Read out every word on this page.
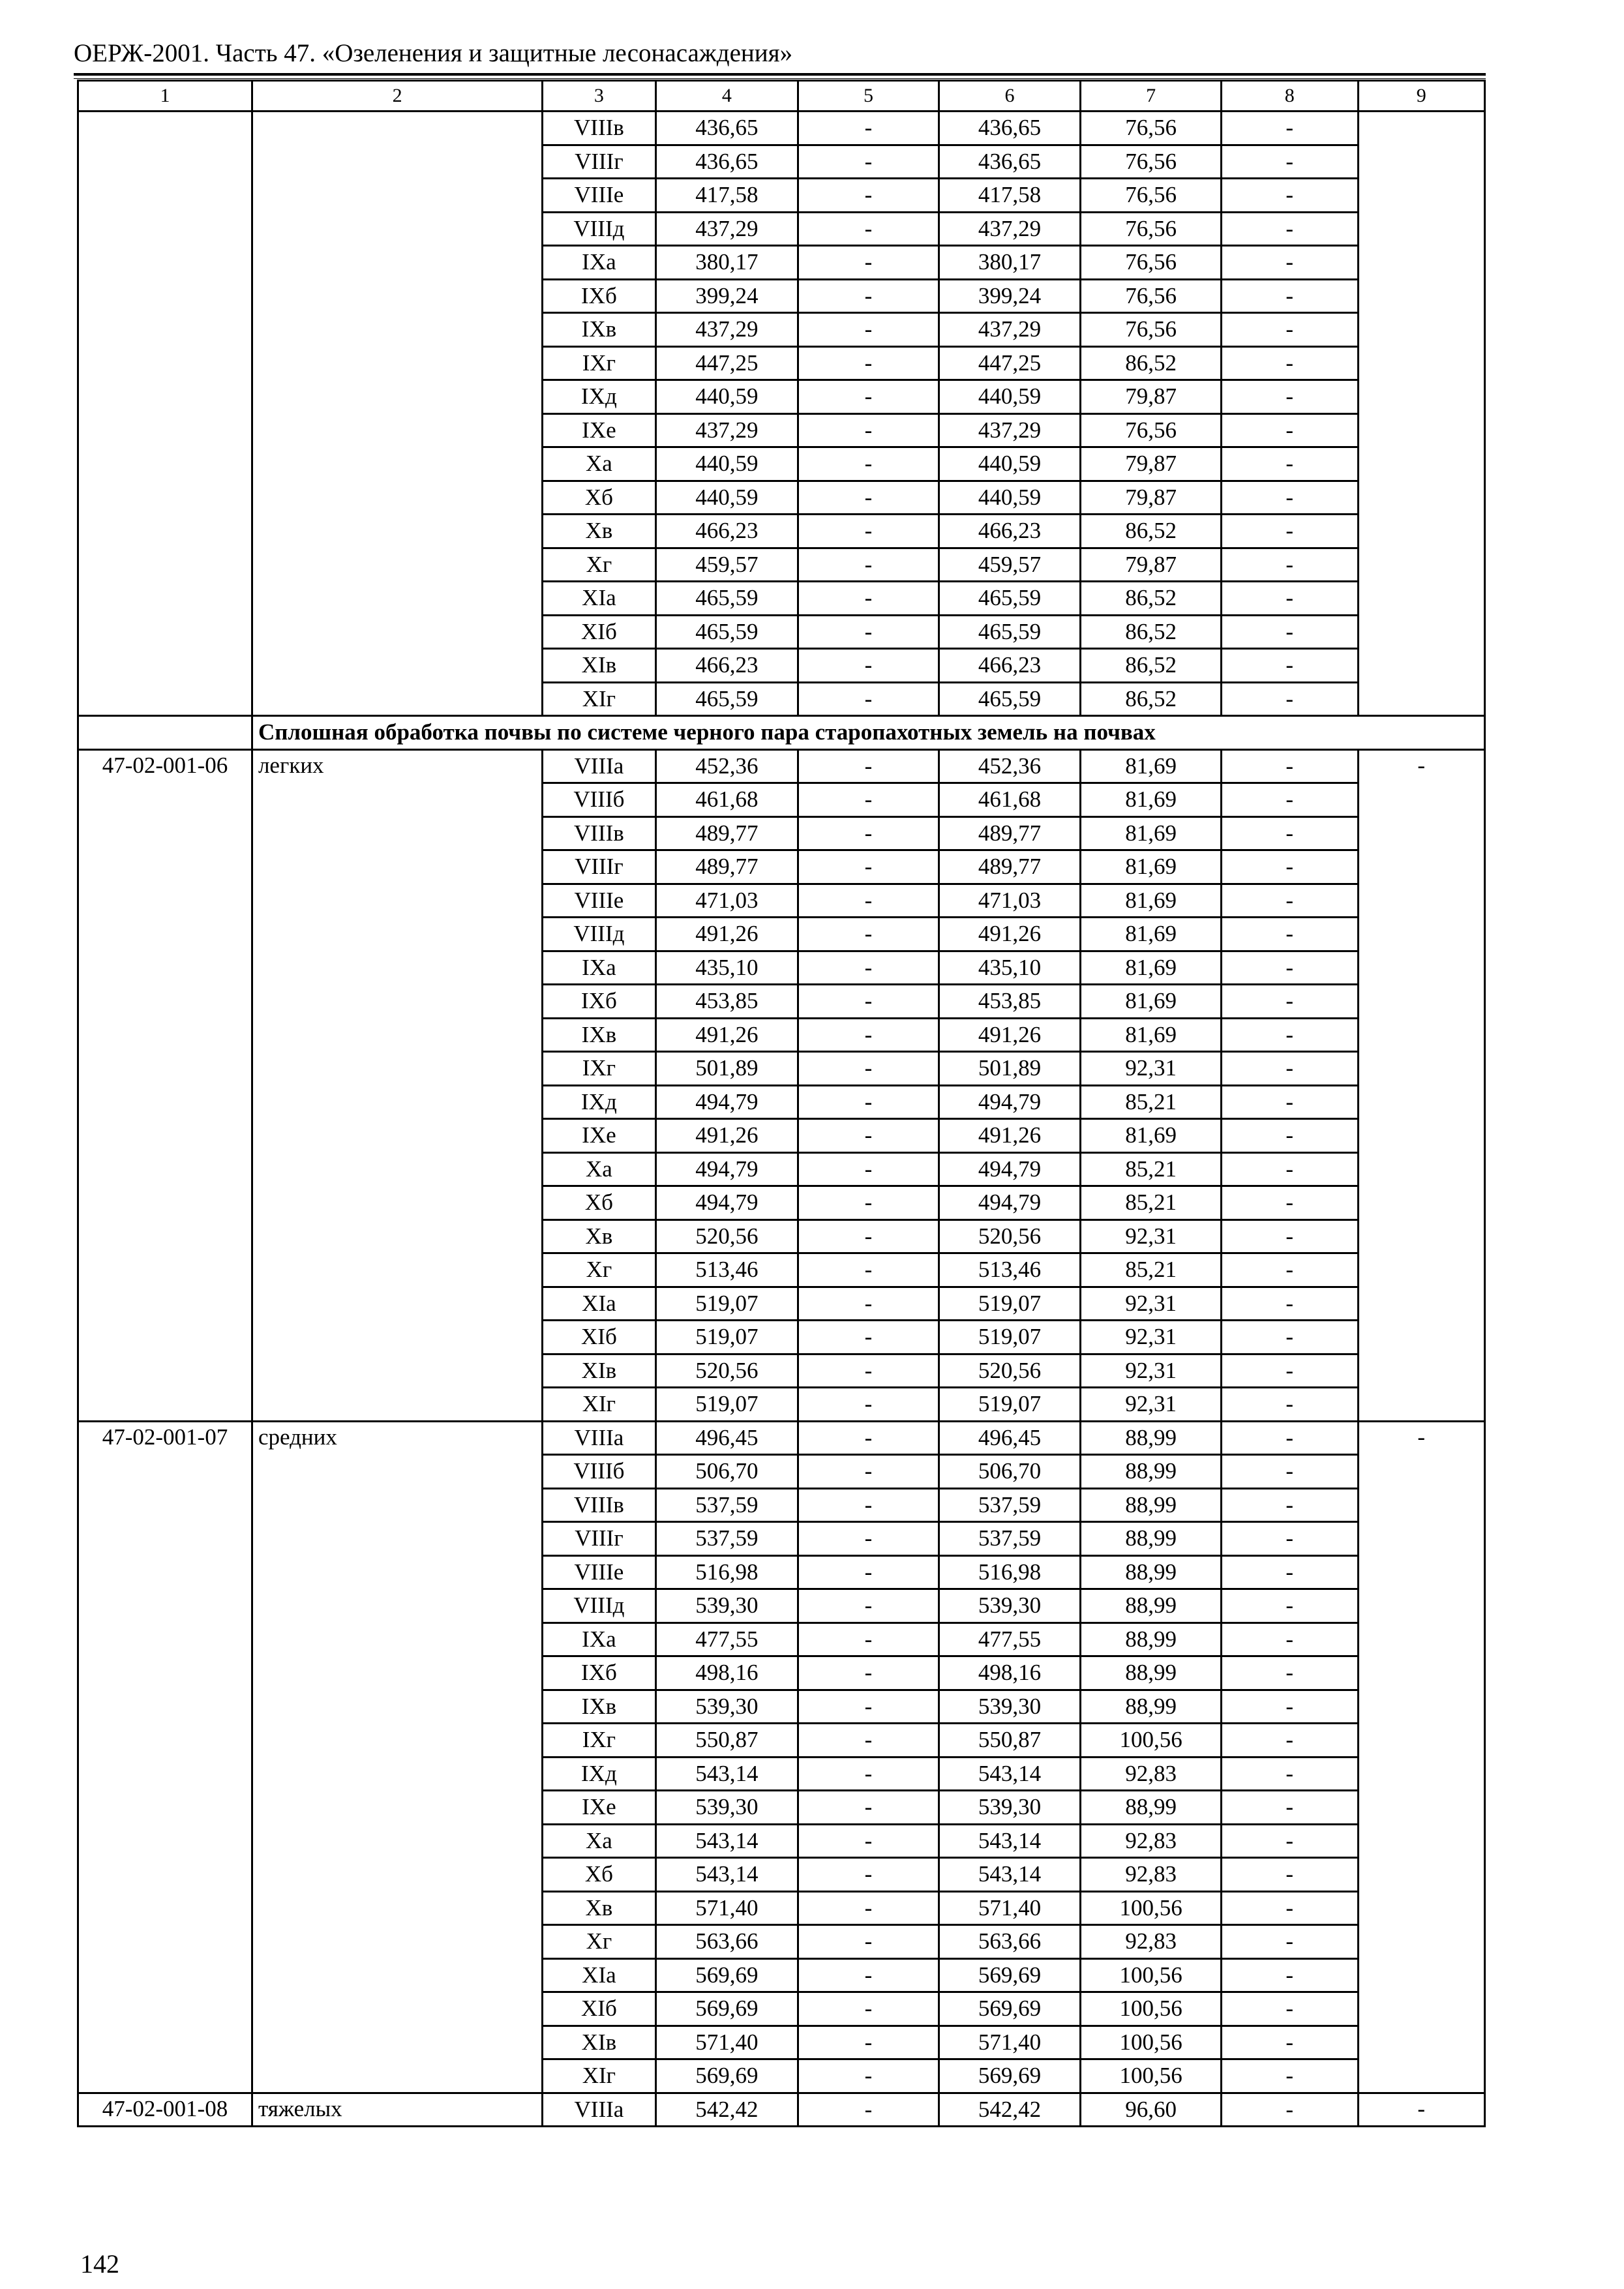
ОЕРЖ-2001. Часть 47. «Озеленения и защитные лесонасаждения»
1	2	3	4	5	6	7	8	9
		VIIIв	436,65	-	436,65	76,56	-	
		VIIIг	436,65	-	436,65	76,56	-	
		VIIIе	417,58	-	417,58	76,56	-	
		VIIIд	437,29	-	437,29	76,56	-	
		IXа	380,17	-	380,17	76,56	-	
		IXб	399,24	-	399,24	76,56	-	
		IXв	437,29	-	437,29	76,56	-	
		IXг	447,25	-	447,25	86,52	-	
		IXд	440,59	-	440,59	79,87	-	
		IXе	437,29	-	437,29	76,56	-	
		Xа	440,59	-	440,59	79,87	-	
		Xб	440,59	-	440,59	79,87	-	
		Xв	466,23	-	466,23	86,52	-	
		Xг	459,57	-	459,57	79,87	-	
		XIа	465,59	-	465,59	86,52	-	
		XIб	465,59	-	465,59	86,52	-	
		XIв	466,23	-	466,23	86,52	-	
		XIг	465,59	-	465,59	86,52	-	
	Сплошная обработка почвы по системе черного пара старопахотных земель на почвах							
47-02-001-06	легких	VIIIа	452,36	-	452,36	81,69	-	-
		VIIIб	461,68	-	461,68	81,69	-	
		VIIIв	489,77	-	489,77	81,69	-	
		VIIIг	489,77	-	489,77	81,69	-	
		VIIIе	471,03	-	471,03	81,69	-	
		VIIIд	491,26	-	491,26	81,69	-	
		IXа	435,10	-	435,10	81,69	-	
		IXб	453,85	-	453,85	81,69	-	
		IXв	491,26	-	491,26	81,69	-	
		IXг	501,89	-	501,89	92,31	-	
		IXд	494,79	-	494,79	85,21	-	
		IXе	491,26	-	491,26	81,69	-	
		Xа	494,79	-	494,79	85,21	-	
		Xб	494,79	-	494,79	85,21	-	
		Xв	520,56	-	520,56	92,31	-	
		Xг	513,46	-	513,46	85,21	-	
		XIа	519,07	-	519,07	92,31	-	
		XIб	519,07	-	519,07	92,31	-	
		XIв	520,56	-	520,56	92,31	-	
		XIг	519,07	-	519,07	92,31	-	
47-02-001-07	средних	VIIIа	496,45	-	496,45	88,99	-	-
		VIIIб	506,70	-	506,70	88,99	-	
		VIIIв	537,59	-	537,59	88,99	-	
		VIIIг	537,59	-	537,59	88,99	-	
		VIIIе	516,98	-	516,98	88,99	-	
		VIIIд	539,30	-	539,30	88,99	-	
		IXа	477,55	-	477,55	88,99	-	
		IXб	498,16	-	498,16	88,99	-	
		IXв	539,30	-	539,30	88,99	-	
		IXг	550,87	-	550,87	100,56	-	
		IXд	543,14	-	543,14	92,83	-	
		IXе	539,30	-	539,30	88,99	-	
		Xа	543,14	-	543,14	92,83	-	
		Xб	543,14	-	543,14	92,83	-	
		Xв	571,40	-	571,40	100,56	-	
		Xг	563,66	-	563,66	92,83	-	
		XIа	569,69	-	569,69	100,56	-	
		XIб	569,69	-	569,69	100,56	-	
		XIв	571,40	-	571,40	100,56	-	
		XIг	569,69	-	569,69	100,56	-	
47-02-001-08	тяжелых	VIIIа	542,42	-	542,42	96,60	-	-
142
